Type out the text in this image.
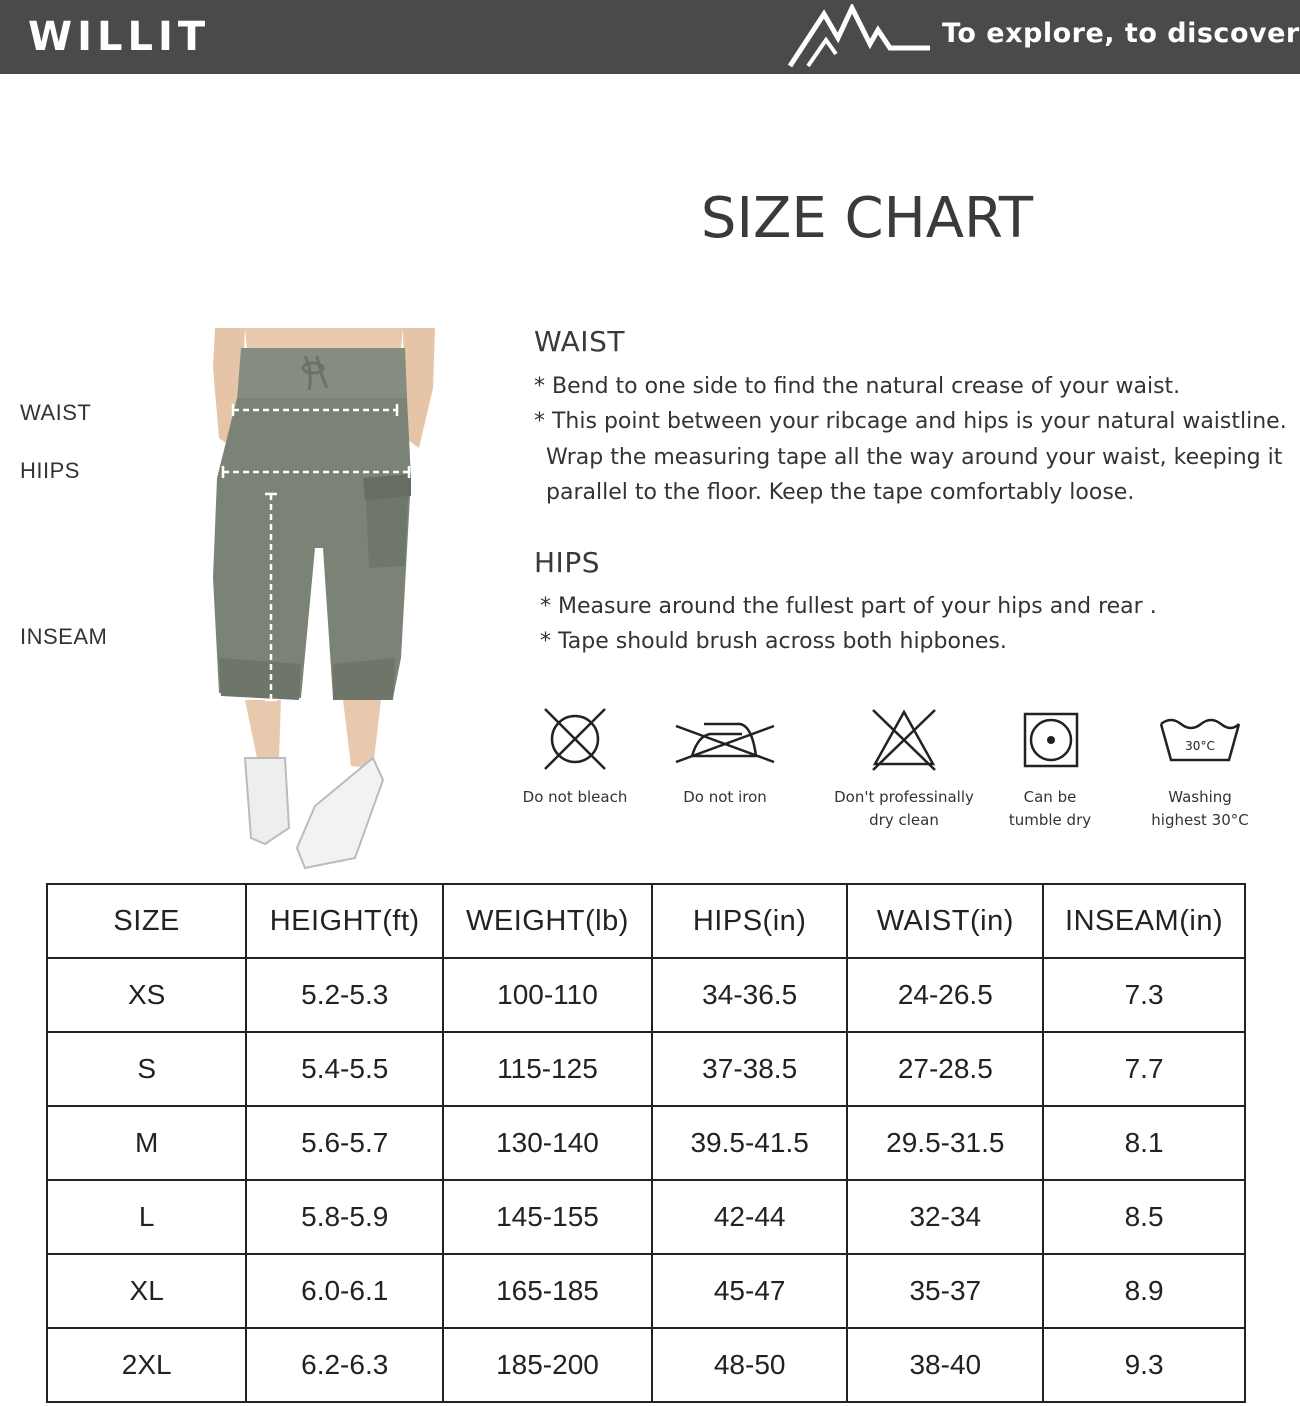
WILLIT	To explore, to discover
SIZE CHART
WAIST
HIIPS
INSEAM
WAIST
* Bend to one side to find the natural crease of your waist.
* This point between your ribcage and hips is your natural waistline.
Wrap the measuring tape all the way around your waist, keeping it
parallel to the floor. Keep the tape comfortably loose.
HIPS
* Measure around the fullest part of your hips and rear .
* Tape should brush across both hipbones.
Do not bleach	Do not iron	Don't professinally
dry clean
Can be
tumble dry
30°C
Washing
highest 30°C
SIZE	HEIGHT(ft)	WEIGHT(lb)	HIPS(in)	WAIST(in)	INSEAM(in)
XS	5.2-5.3	100-110	34-36.5	24-26.5	7.3
S	5.4-5.5	115-125	37-38.5	27-28.5	7.7
M	5.6-5.7	130-140	39.5-41.5	29.5-31.5	8.1
L	5.8-5.9	145-155	42-44	32-34	8.5
XL	6.0-6.1	165-185	45-47	35-37	8.9
2XL	6.2-6.3	185-200	48-50	38-40	9.3
